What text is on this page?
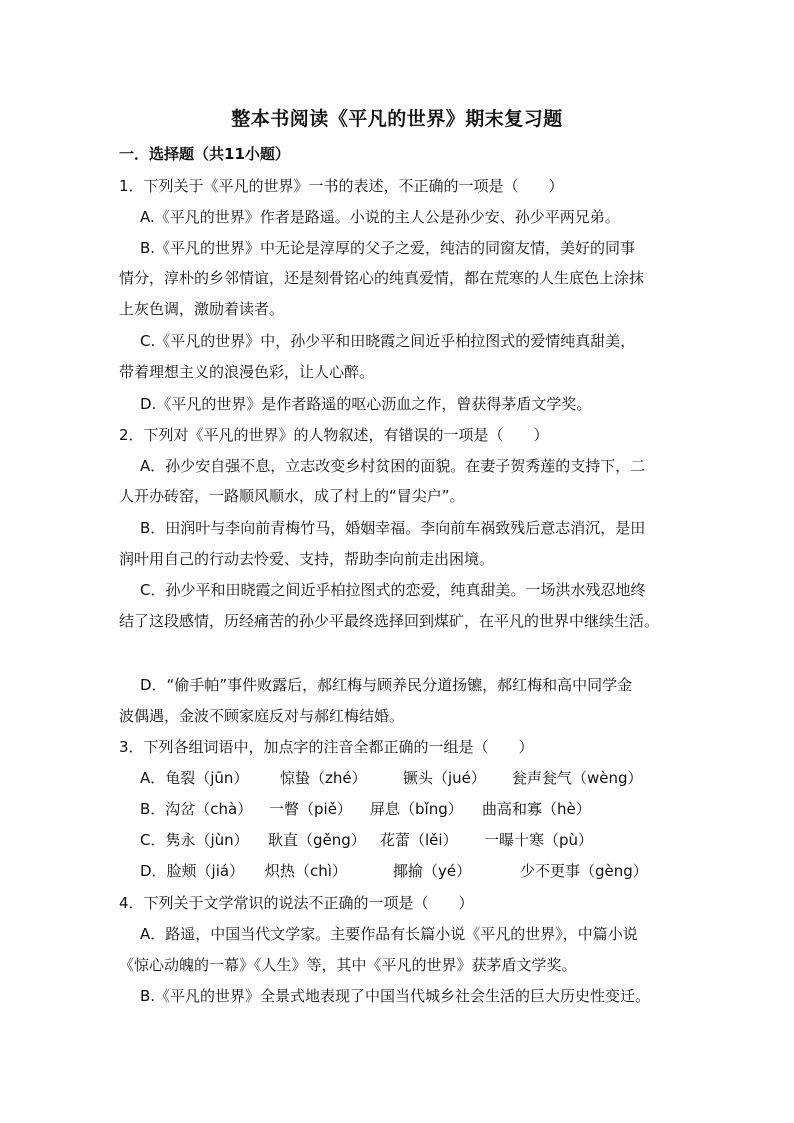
整本书阅读《平凡的世界》期末复习题
一．选择题（共11小题）
1．下列关于《平凡的世界》一书的表述，不正确的一项是（　　）
A.《平凡的世界》作者是路遥。小说的主人公是孙少安、孙少平两兄弟。
B.《平凡的世界》中无论是淳厚的父子之爱，纯洁的同窗友情，美好的同事
情分，淳朴的乡邻情谊，还是刻骨铭心的纯真爱情，都在荒寒的人生底色上涂抹
上灰色调，激励着读者。
C.《平凡的世界》中，孙少平和田晓霞之间近乎柏拉图式的爱情纯真甜美，
带着理想主义的浪漫色彩，让人心醉。
D.《平凡的世界》是作者路遥的呕心沥血之作，曾获得茅盾文学奖。
2．下列对《平凡的世界》的人物叙述，有错误的一项是（　　）
A．孙少安自强不息，立志改变乡村贫困的面貌。在妻子贺秀莲的支持下，二
人开办砖窑，一路顺风顺水，成了村上的“冒尖户”。
B．田润叶与李向前青梅竹马，婚姻幸福。李向前车祸致残后意志消沉，是田
润叶用自己的行动去怜爱、支持，帮助李向前走出困境。
C．孙少平和田晓霞之间近乎柏拉图式的恋爱，纯真甜美。一场洪水残忍地终
结了这段感情，历经痛苦的孙少平最终选择回到煤矿，在平凡的世界中继续生活。
D．“偷手帕”事件败露后，郝红梅与顾养民分道扬镳，郝红梅和高中同学金
波偶遇，金波不顾家庭反对与郝红梅结婚。
3．下列各组词语中，加点字的注音全都正确的一组是（　　）
A．龟裂（jūn） 惊蛰（zhé） 镢头（jué） 瓮声瓮气（wèng）
B．沟岔（chà） 一瞥（piě） 屏息（bǐng） 曲高和寡（hè）
C．隽永（jùn） 耿直（gěng） 花蕾（lěi） 一曝十寒（pù）
D．脸颊（jiá） 炽热（chì）	揶揄（yé）	少不更事（gèng）
4．下列关于文学常识的说法不正确的一项是（　　）
A．路遥，中国当代文学家。主要作品有长篇小说《平凡的世界》，中篇小说
《惊心动魄的一幕》《人生》等，其中《平凡的世界》获茅盾文学奖。
B.《平凡的世界》全景式地表现了中国当代城乡社会生活的巨大历史性变迁。
